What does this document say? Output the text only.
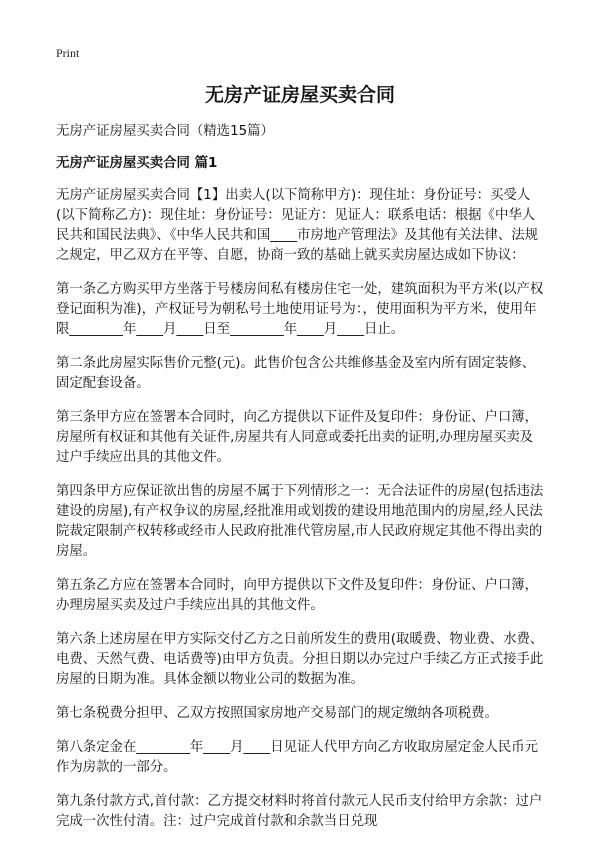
Print
无房产证房屋买卖合同

无房产证房屋买卖合同（精选15篇）

无房产证房屋买卖合同 篇1

无房产证房屋买卖合同【1】出卖人(以下简称甲方)：现住址：身份证号：买受人(以下简称乙方)：现住址：身份证号：见证方：见证人：联系电话：根据《中华人民共和国民法典》、《中华人民共和国____市房地产管理法》及其他有关法律、法规之规定，甲乙双方在平等、自愿，协商一致的基础上就买卖房屋达成如下协议：

第一条乙方购买甲方坐落于号楼房间私有楼房住宅一处，建筑面积为平方米(以产权登记面积为准)，产权证号为朝私号土地使用证号为：，使用面积为平方米，使用年限________年____月____日至________年____月____日止。

第二条此房屋实际售价元整(元)。此售价包含公共维修基金及室内所有固定装修、固定配套设备。

第三条甲方应在签署本合同时，向乙方提供以下证件及复印件：身份证、户口簿，房屋所有权证和其他有关证件,房屋共有人同意或委托出卖的证明,办理房屋买卖及过户手续应出具的其他文件。

第四条甲方应保证欲出售的房屋不属于下列情形之一：无合法证件的房屋(包括违法建设的房屋),有产权争议的房屋,经批准用或划拨的建设用地范围内的房屋,经人民法院裁定限制产权转移或经市人民政府批准代管房屋,市人民政府规定其他不得出卖的房屋。

第五条乙方应在签署本合同时，向甲方提供以下文件及复印件：身份证、户口簿，办理房屋买卖及过户手续应出具的其他文件。

第六条上述房屋在甲方实际交付乙方之日前所发生的费用(取暖费、物业费、水费、电费、天然气费、电话费等)由甲方负责。分担日期以办完过户手续乙方正式接手此房屋的日期为准。具体金额以物业公司的数据为准。

第七条税费分担甲、乙双方按照国家房地产交易部门的规定缴纳各项税费。

第八条定金在________年____月____日见证人代甲方向乙方收取房屋定金人民币元作为房款的一部分。

第九条付款方式,首付款：乙方提交材料时将首付款元人民币支付给甲方余款：过户完成一次性付清。注：过户完成首付款和余款当日兑现
